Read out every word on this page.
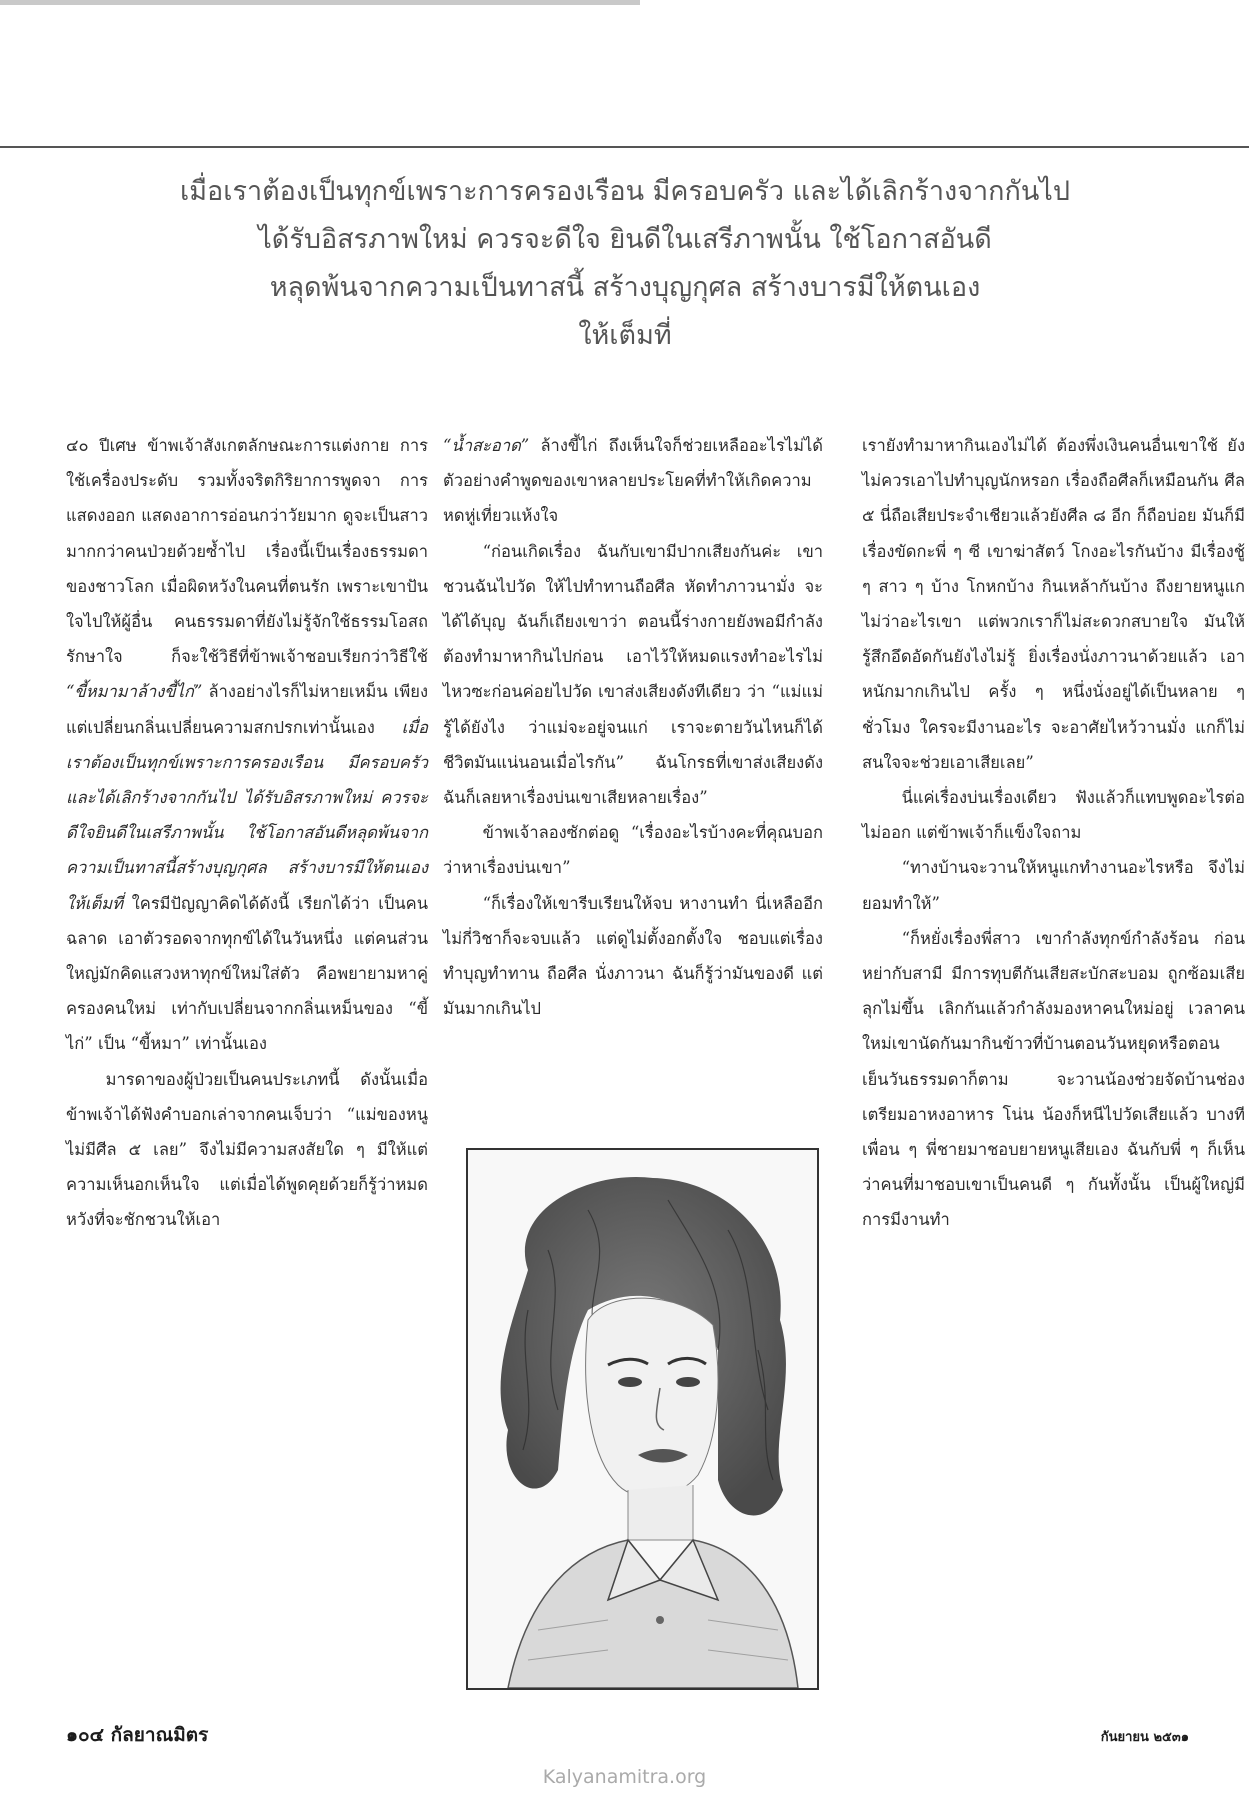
เมื่อเราต้องเป็นทุกข์เพราะการครองเรือน มีครอบครัว และได้เลิกร้างจากกันไป

ได้รับอิสรภาพใหม่ ควรจะดีใจ ยินดีในเสรีภาพนั้น ใช้โอกาสอันดี

หลุดพ้นจากความเป็นทาสนี้ สร้างบุญกุศล สร้างบารมีให้ตนเอง

ให้เต็มที่

๔๐ ปีเศษ ข้าพเจ้าสังเกตลักษณะการแต่งกาย การใช้เครื่องประดับ รวมทั้งจริตกิริยาการพูดจา การแสดงออก แสดงอาการอ่อนกว่าวัยมาก ดูจะเป็นสาวมากกว่าคนป่วยด้วยซ้ำไป เรื่องนี้เป็นเรื่องธรรมดาของชาวโลก เมื่อผิดหวังในคนที่ตนรัก เพราะเขาปันใจไปให้ผู้อื่น คนธรรมดาที่ยังไม่รู้จักใช้ธรรมโอสถรักษาใจ ก็จะใช้วิธีที่ข้าพเจ้าชอบเรียกว่าวิธีใช้ “ขี้หมามาล้างขี้ไก่” ล้างอย่างไรก็ไม่หายเหม็น เพียงแต่เปลี่ยนกลิ่นเปลี่ยนความสกปรกเท่านั้นเอง เมื่อเราต้องเป็นทุกข์เพราะการครองเรือน มีครอบครัว และได้เลิกร้างจากกันไป ได้รับอิสรภาพใหม่ ควรจะดีใจยินดีในเสรีภาพนั้น ใช้โอกาสอันดีหลุดพ้นจากความเป็นทาสนี้สร้างบุญกุศล สร้างบารมีให้ตนเองให้เต็มที่ ใครมีปัญญาคิดได้ดังนี้ เรียกได้ว่า เป็นคนฉลาด เอาตัวรอดจากทุกข์ได้ในวันหนึ่ง แต่คนส่วนใหญ่มักคิดแสวงหาทุกข์ใหม่ใส่ตัว คือพยายามหาคู่ครองคนใหม่ เท่ากับเปลี่ยนจากกลิ่นเหม็นของ “ขี้ไก่” เป็น “ขี้หมา” เท่านั้นเอง

มารดาของผู้ป่วยเป็นคนประเภทนี้ ดังนั้นเมื่อข้าพเจ้าได้ฟังคำบอกเล่าจากคนเจ็บว่า “แม่ของหนูไม่มีศีล ๕ เลย” จึงไม่มีความสงสัยใด ๆ มีให้แต่ความเห็นอกเห็นใจ แต่เมื่อได้พูดคุยด้วยก็รู้ว่าหมดหวังที่จะชักชวนให้เอา

“น้ำสะอาด” ล้างขี้ไก่ ถึงเห็นใจก็ช่วยเหลืออะไรไม่ได้ ตัวอย่างคำพูดของเขาหลายประโยคที่ทำให้เกิดความหดหู่เที่ยวแห้งใจ

“ก่อนเกิดเรื่อง ฉันกับเขามีปากเสียงกันค่ะ เขาชวนฉันไปวัด ให้ไปทำทานถือศีล หัดทำภาวนามั่ง จะได้ได้บุญ ฉันก็เถียงเขาว่า ตอนนี้ร่างกายยังพอมีกำลัง ต้องทำมาหากินไปก่อน เอาไว้ให้หมดแรงทำอะไรไม่ไหวซะก่อนค่อยไปวัด เขาส่งเสียงดังทีเดียว ว่า “แม่แม่รู้ได้ยังไง ว่าแม่จะอยู่จนแก่ เราจะตายวันไหนก็ได้ ชีวิตมันแน่นอนเมื่อไรกัน” ฉันโกรธที่เขาส่งเสียงดัง ฉันก็เลยหาเรื่องบ่นเขาเสียหลายเรื่อง”

ข้าพเจ้าลองซักต่อดู “เรื่องอะไรบ้างคะที่คุณบอกว่าหาเรื่องบ่นเขา”

“ก็เรื่องให้เขารีบเรียนให้จบ หางานทำ นี่เหลืออีกไม่กี่วิชาก็จะจบแล้ว แต่ดูไม่ตั้งอกตั้งใจ ชอบแต่เรื่องทำบุญทำทาน ถือศีล นั่งภาวนา ฉันก็รู้ว่ามันของดี แต่มันมากเกินไป

เรายังทำมาหากินเองไม่ได้ ต้องพึ่งเงินคนอื่นเขาใช้ ยังไม่ควรเอาไปทำบุญนักหรอก เรื่องถือศีลก็เหมือนกัน ศีล ๕ นี่ถือเสียประจำเชียวแล้วยังศีล ๘ อีก ก็ถือบ่อย มันก็มีเรื่องขัดกะพี่ ๆ ซี เขาฆ่าสัตว์ โกงอะไรกันบ้าง มีเรื่องชู้ ๆ สาว ๆ บ้าง โกหกบ้าง กินเหล้ากันบ้าง ถึงยายหนูแกไม่ว่าอะไรเขา แต่พวกเราก็ไม่สะดวกสบายใจ มันให้รู้สึกอึดอัดกันยังไงไม่รู้ ยิ่งเรื่องนั่งภาวนาด้วยแล้ว เอาหนักมากเกินไป ครั้ง ๆ หนึ่งนั่งอยู่ได้เป็นหลาย ๆ ชั่วโมง ใครจะมีงานอะไร จะอาศัยไหว้วานมั่ง แกก็ไม่สนใจจะช่วยเอาเสียเลย”

นี่แค่เรื่องบ่นเรื่องเดียว ฟังแล้วก็แทบพูดอะไรต่อไม่ออก แต่ข้าพเจ้าก็แข็งใจถาม

“ทางบ้านจะวานให้หนูแกทำงานอะไรหรือ จึงไม่ยอมทำให้”

“ก็หยั่งเรื่องพี่สาว เขากำลังทุกข์กำลังร้อน ก่อนหย่ากับสามี มีการทุบตีกันเสียสะบักสะบอม ถูกซ้อมเสียลุกไม่ขึ้น เลิกกันแล้วกำลังมองหาคนใหม่อยู่ เวลาคนใหม่เขานัดกันมากินข้าวที่บ้านตอนวันหยุดหรือตอนเย็นวันธรรมดาก็ตาม จะวานน้องช่วยจัดบ้านช่องเตรียมอาหงอาหาร โน่น น้องก็หนีไปวัดเสียแล้ว บางทีเพื่อน ๆ พี่ชายมาชอบยายหนูเสียเอง ฉันกับพี่ ๆ ก็เห็นว่าคนที่มาชอบเขาเป็นคนดี ๆ กันทั้งนั้น เป็นผู้ใหญ่มีการมีงานทำ

๑๐๔ กัลยาณมิตร	กันยายน ๒๕๓๑
Kalyanamitra.org
